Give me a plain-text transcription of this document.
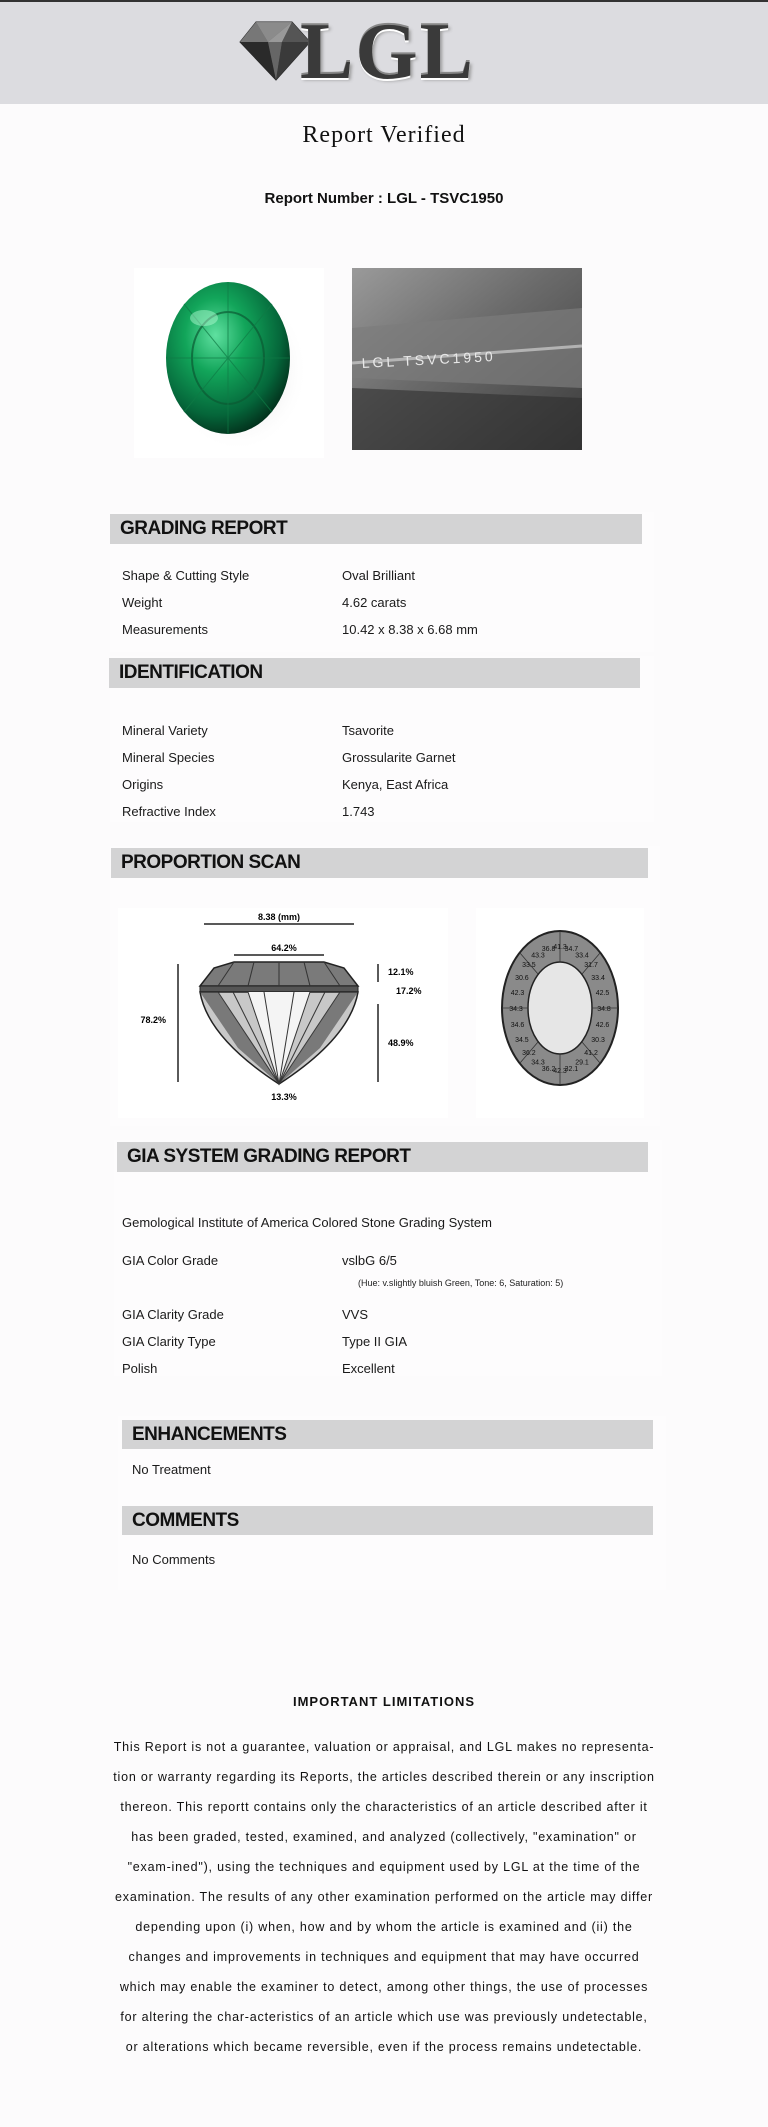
LGL
Report Verified
Report Number : LGL - TSVC1950
LGL TSVC1950
GRADING REPORT
Shape & Cutting Style	Oval Brilliant
Weight	4.62 carats
Measurements	10.42 x 8.38 x 6.68 mm
IDENTIFICATION
Mineral Variety	Tsavorite
Mineral Species	Grossularite Garnet
Origins	Kenya, East Africa
Refractive Index	1.743
PROPORTION SCAN
8.38 (mm)
64.2%
78.2%
12.1%
17.2%
48.9%
13.3%
41.3
34.7
33.4
31.7
33.4
42.5
34.8
42.6
30.3
41.2
29.1
32.1
42.3
36.2
34.3
36.2
34.5
34.6
34.3
42.3
30.6
33.5
43.3
36.8
GIA SYSTEM GRADING REPORT
Gemological Institute of America Colored Stone Grading System
GIA Color Grade	vslbG 6/5
(Hue: v.slightly bluish Green, Tone: 6, Saturation: 5)
GIA Clarity Grade	VVS
GIA Clarity Type	Type II GIA
Polish	Excellent
ENHANCEMENTS
No Treatment
COMMENTS
No Comments
IMPORTANT LIMITATIONS
This Report is not a guarantee, valuation or appraisal, and LGL makes no representa-tion or warranty regarding its Reports, the articles described therein or any inscription thereon. This reportt contains only the characteristics of an article described after it has been graded, tested, examined, and analyzed (collectively, "examination" or "exam-ined"), using the techniques and equipment used by LGL at the time of the examination. The results of any other examination performed on the article may differ depending upon (i) when, how and by whom the article is examined and (ii) the changes and improvements in techniques and equipment that may have occurred which may enable the examiner to detect, among other things, the use of processes for altering the char-acteristics of an article which use was previously undetectable, or alterations which became reversible, even if the process remains undetectable.
